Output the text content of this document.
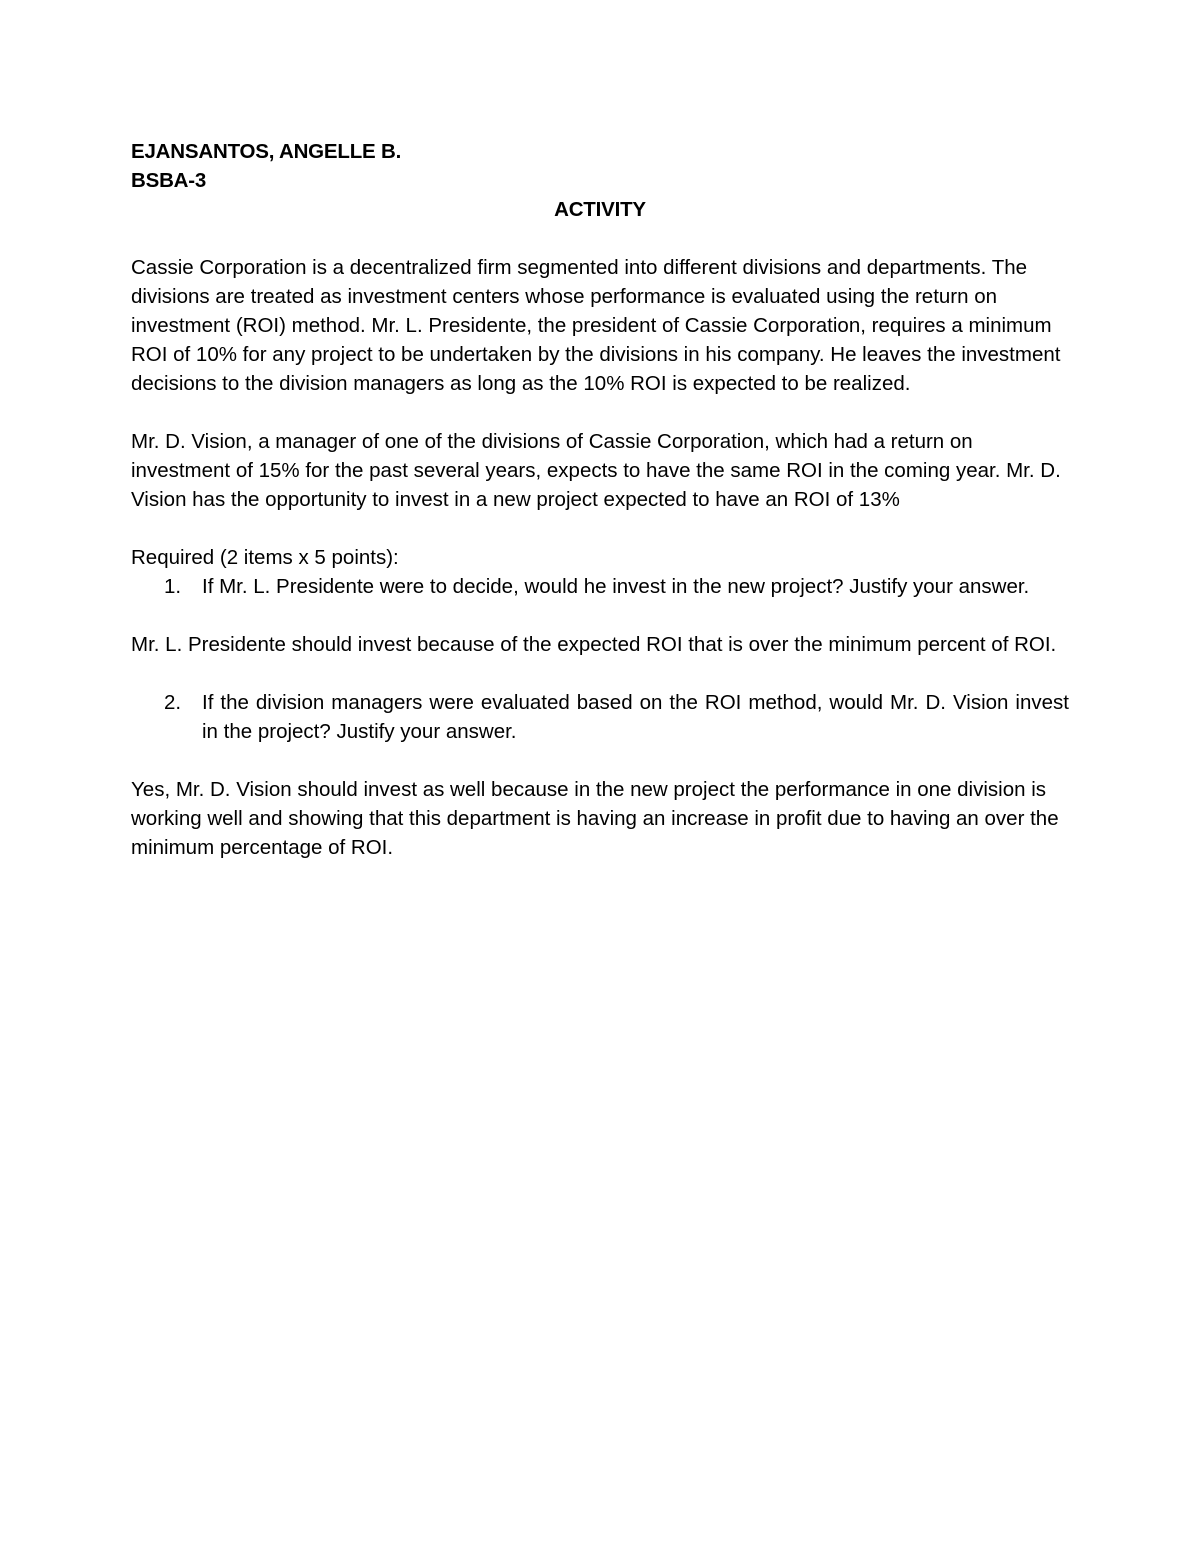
EJANSANTOS, ANGELLE B.

BSBA-3

ACTIVITY

Cassie Corporation is a decentralized firm segmented into different divisions and departments. The divisions are treated as investment centers whose performance is evaluated using the return on investment (ROI) method. Mr. L. Presidente, the president of Cassie Corporation, requires a minimum ROI of 10% for any project to be undertaken by the divisions in his company. He leaves the investment decisions to the division managers as long as the 10% ROI is expected to be realized.

Mr. D. Vision, a manager of one of the divisions of Cassie Corporation, which had a return on investment of 15% for the past several years, expects to have the same ROI in the coming year. Mr. D. Vision has the opportunity to invest in a new project expected to have an ROI of 13%

Required (2 items x 5 points):

1. If Mr. L. Presidente were to decide, would he invest in the new project? Justify your answer.

Mr. L. Presidente should invest because of the expected ROI that is over the minimum percent of ROI.

2. If the division managers were evaluated based on the ROI method, would Mr. D. Vision invest in the project? Justify your answer.

Yes, Mr. D. Vision should invest as well because in the new project the performance in one division is working well and showing that this department is having an increase in profit due to having an over the minimum percentage of ROI.
